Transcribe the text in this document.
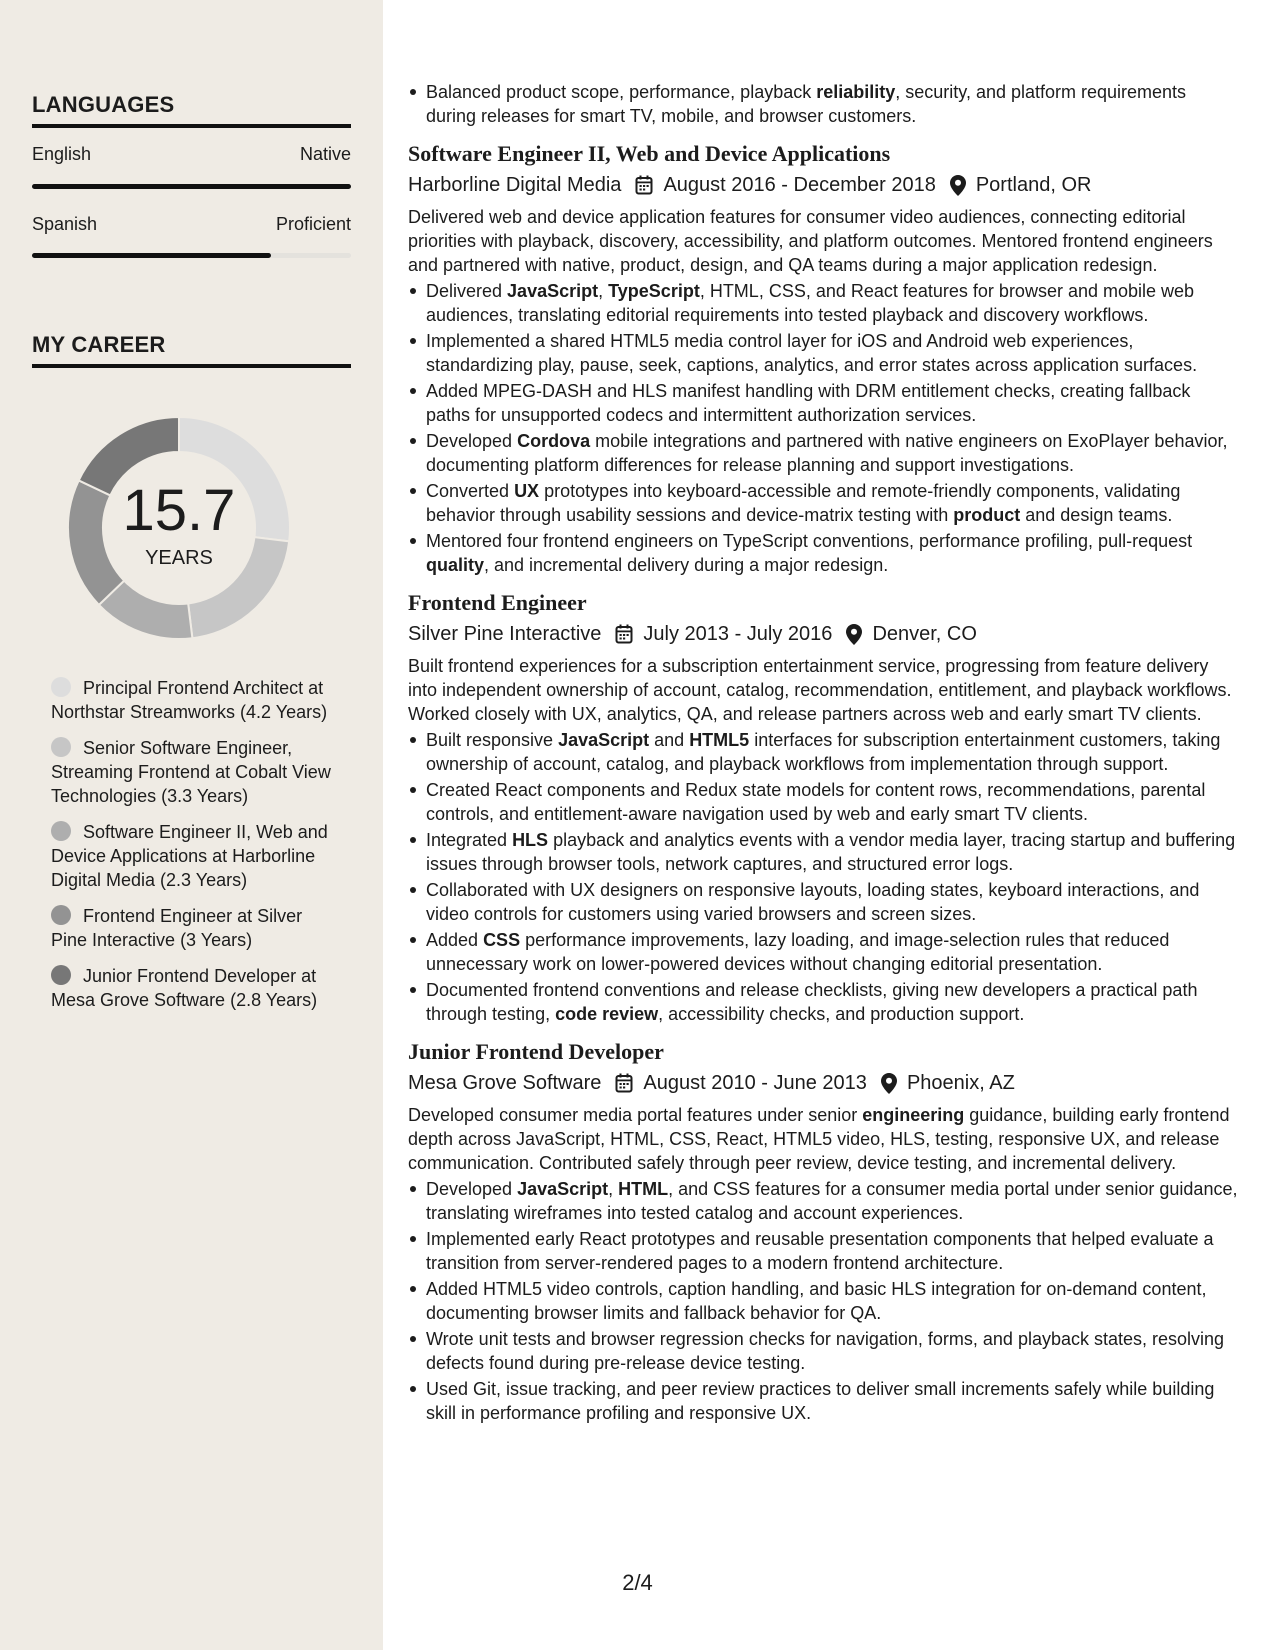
LANGUAGES
English	Native
Spanish	Proficient
MY CAREER
15.7
YEARS
Principal Frontend Architect at Northstar Streamworks (4.2 Years)
Senior Software Engineer, Streaming Frontend at Cobalt View Technologies (3.3 Years)
Software Engineer II, Web and Device Applications at Harborline Digital Media (2.3 Years)
Frontend Engineer at Silver Pine Interactive (3 Years)
Junior Frontend Developer at Mesa Grove Software (2.8 Years)
Balanced product scope, performance, playback reliability, security, and platform requirements during releases for smart TV, mobile, and browser customers.
Software Engineer II, Web and Device Applications
Harborline Digital Media August 2016 - December 2018 Portland, OR
Delivered web and device application features for consumer video audiences, connecting editorial priorities with playback, discovery, accessibility, and platform outcomes. Mentored frontend engineers and partnered with native, product, design, and QA teams during a major application redesign.
Delivered JavaScript, TypeScript, HTML, CSS, and React features for browser and mobile web audiences, translating editorial requirements into tested playback and discovery workflows.
Implemented a shared HTML5 media control layer for iOS and Android web experiences, standardizing play, pause, seek, captions, analytics, and error states across application surfaces.
Added MPEG-DASH and HLS manifest handling with DRM entitlement checks, creating fallback paths for unsupported codecs and intermittent authorization services.
Developed Cordova mobile integrations and partnered with native engineers on ExoPlayer behavior, documenting platform differences for release planning and support investigations.
Converted UX prototypes into keyboard-accessible and remote-friendly components, validating behavior through usability sessions and device-matrix testing with product and design teams.
Mentored four frontend engineers on TypeScript conventions, performance profiling, pull-request quality, and incremental delivery during a major redesign.
Frontend Engineer
Silver Pine Interactive July 2013 - July 2016 Denver, CO
Built frontend experiences for a subscription entertainment service, progressing from feature delivery into independent ownership of account, catalog, recommendation, entitlement, and playback workflows. Worked closely with UX, analytics, QA, and release partners across web and early smart TV clients.
Built responsive JavaScript and HTML5 interfaces for subscription entertainment customers, taking ownership of account, catalog, and playback workflows from implementation through support.
Created React components and Redux state models for content rows, recommendations, parental controls, and entitlement-aware navigation used by web and early smart TV clients.
Integrated HLS playback and analytics events with a vendor media layer, tracing startup and buffering issues through browser tools, network captures, and structured error logs.
Collaborated with UX designers on responsive layouts, loading states, keyboard interactions, and video controls for customers using varied browsers and screen sizes.
Added CSS performance improvements, lazy loading, and image-selection rules that reduced unnecessary work on lower-powered devices without changing editorial presentation.
Documented frontend conventions and release checklists, giving new developers a practical path through testing, code review, accessibility checks, and production support.
Junior Frontend Developer
Mesa Grove Software August 2010 - June 2013 Phoenix, AZ
Developed consumer media portal features under senior engineering guidance, building early frontend depth across JavaScript, HTML, CSS, React, HTML5 video, HLS, testing, responsive UX, and release communication. Contributed safely through peer review, device testing, and incremental delivery.
Developed JavaScript, HTML, and CSS features for a consumer media portal under senior guidance, translating wireframes into tested catalog and account experiences.
Implemented early React prototypes and reusable presentation components that helped evaluate a transition from server-rendered pages to a modern frontend architecture.
Added HTML5 video controls, caption handling, and basic HLS integration for on-demand content, documenting browser limits and fallback behavior for QA.
Wrote unit tests and browser regression checks for navigation, forms, and playback states, resolving defects found during pre-release device testing.
Used Git, issue tracking, and peer review practices to deliver small increments safely while building skill in performance profiling and responsive UX.
2/4
